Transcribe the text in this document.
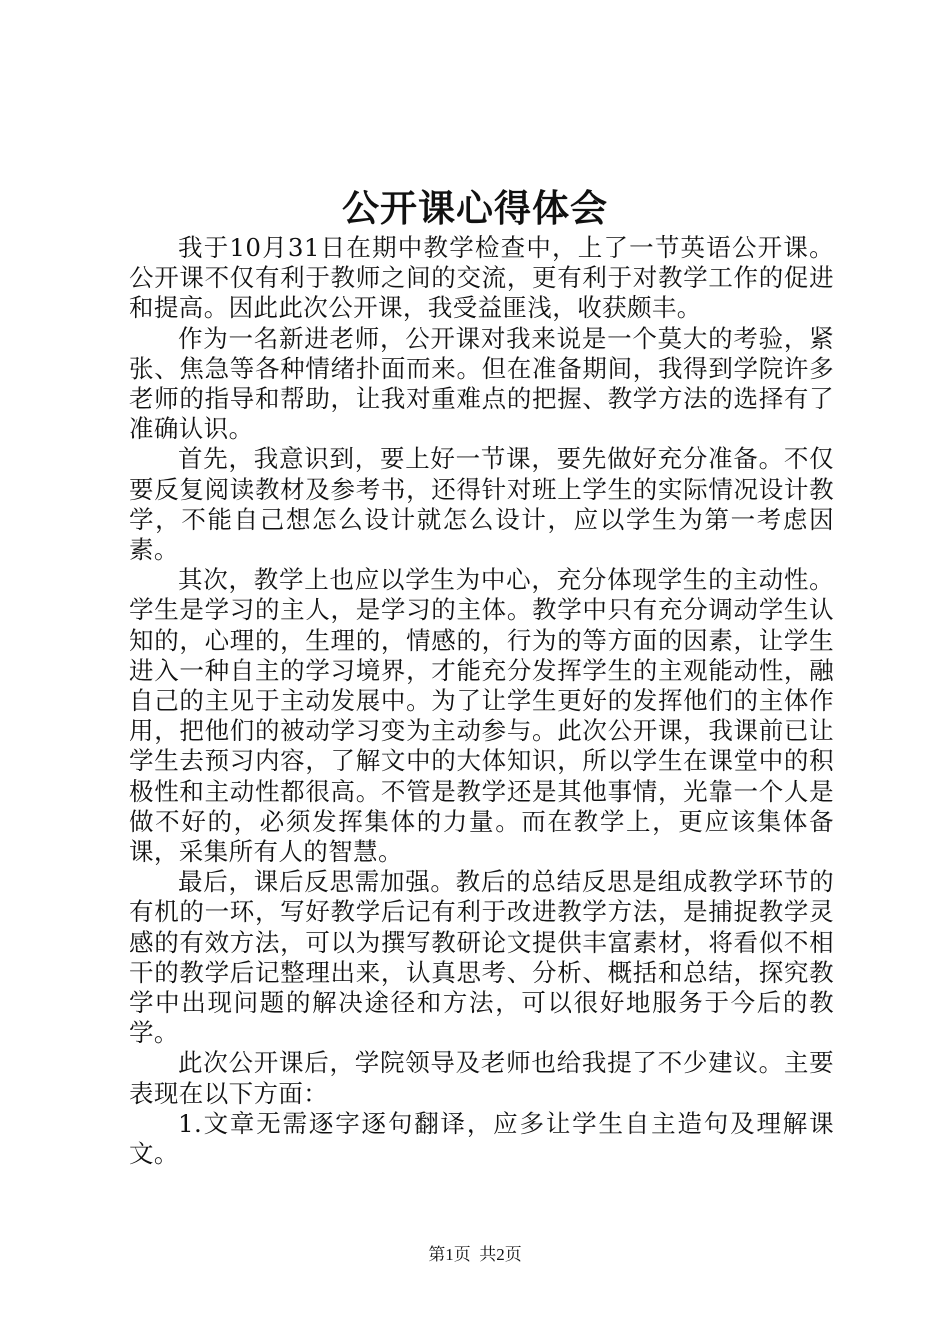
公开课心得体会

我于10月31日在期中教学检查中，上了一节英语公开课。公开课不仅有利于教师之间的交流，更有利于对教学工作的促进和提高。因此此次公开课，我受益匪浅，收获颇丰。

作为一名新进老师，公开课对我来说是一个莫大的考验，紧张、焦急等各种情绪扑面而来。但在准备期间，我得到学院许多老师的指导和帮助，让我对重难点的把握、教学方法的选择有了准确认识。

首先，我意识到，要上好一节课，要先做好充分准备。不仅要反复阅读教材及参考书，还得针对班上学生的实际情况设计教学，不能自己想怎么设计就怎么设计，应以学生为第一考虑因素。

其次，教学上也应以学生为中心，充分体现学生的主动性。学生是学习的主人，是学习的主体。教学中只有充分调动学生认知的，心理的，生理的，情感的，行为的等方面的因素，让学生进入一种自主的学习境界，才能充分发挥学生的主观能动性，融自己的主见于主动发展中。为了让学生更好的发挥他们的主体作用，把他们的被动学习变为主动参与。此次公开课，我课前已让学生去预习内容，了解文中的大体知识，所以学生在课堂中的积极性和主动性都很高。不管是教学还是其他事情，光靠一个人是做不好的，必须发挥集体的力量。而在教学上，更应该集体备课，采集所有人的智慧。

最后，课后反思需加强。教后的总结反思是组成教学环节的有机的一环，写好教学后记有利于改进教学方法，是捕捉教学灵感的有效方法，可以为撰写教研论文提供丰富素材，将看似不相干的教学后记整理出来，认真思考、分析、概括和总结，探究教学中出现问题的解决途径和方法，可以很好地服务于今后的教学。

此次公开课后，学院领导及老师也给我提了不少建议。主要表现在以下方面：

1.文章无需逐字逐句翻译，应多让学生自主造句及理解课文。

第1页  共2页
